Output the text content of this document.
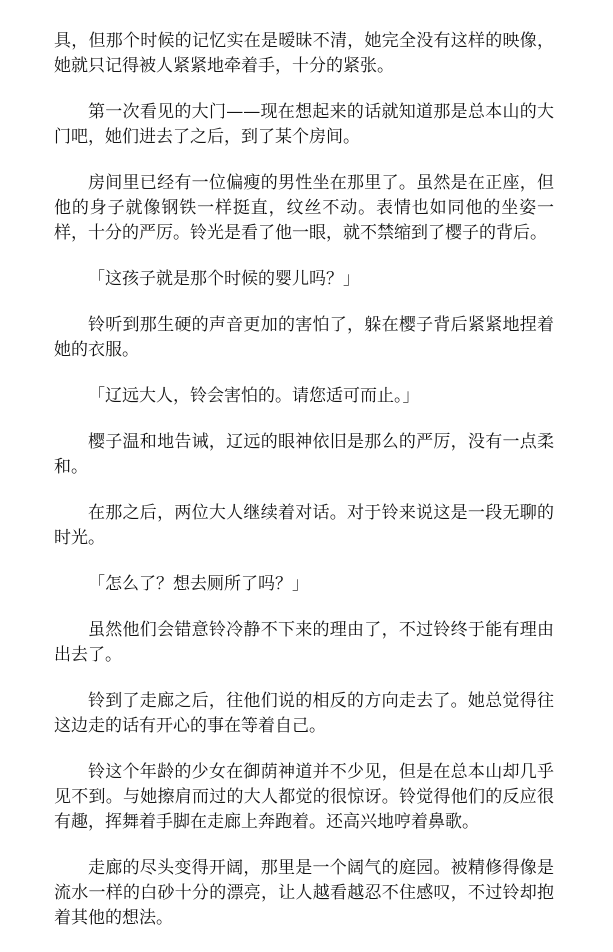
具，但那个时候的记忆实在是暧昧不清，她完全没有这样的映像，她就只记得被人紧紧地牵着手，十分的紧张。

第一次看见的大门——现在想起来的话就知道那是总本山的大门吧，她们进去了之后，到了某个房间。

房间里已经有一位偏瘦的男性坐在那里了。虽然是在正座，但他的身子就像钢铁一样挺直，纹丝不动。表情也如同他的坐姿一样，十分的严厉。铃光是看了他一眼，就不禁缩到了樱子的背后。

「这孩子就是那个时候的婴儿吗？」

铃听到那生硬的声音更加的害怕了，躲在樱子背后紧紧地捏着她的衣服。

「辽远大人，铃会害怕的。请您适可而止。」

樱子温和地告诫，辽远的眼神依旧是那么的严厉，没有一点柔和。

在那之后，两位大人继续着对话。对于铃来说这是一段无聊的时光。

「怎么了？想去厕所了吗？」

虽然他们会错意铃冷静不下来的理由了，不过铃终于能有理由出去了。

铃到了走廊之后，往他们说的相反的方向走去了。她总觉得往这边走的话有开心的事在等着自己。

铃这个年龄的少女在御荫神道并不少见，但是在总本山却几乎见不到。与她擦肩而过的大人都觉的很惊讶。铃觉得他们的反应很有趣，挥舞着手脚在走廊上奔跑着。还高兴地哼着鼻歌。

走廊的尽头变得开阔，那里是一个阔气的庭园。被精修得像是流水一样的白砂十分的漂亮，让人越看越忍不住感叹，不过铃却抱着其他的想法。
